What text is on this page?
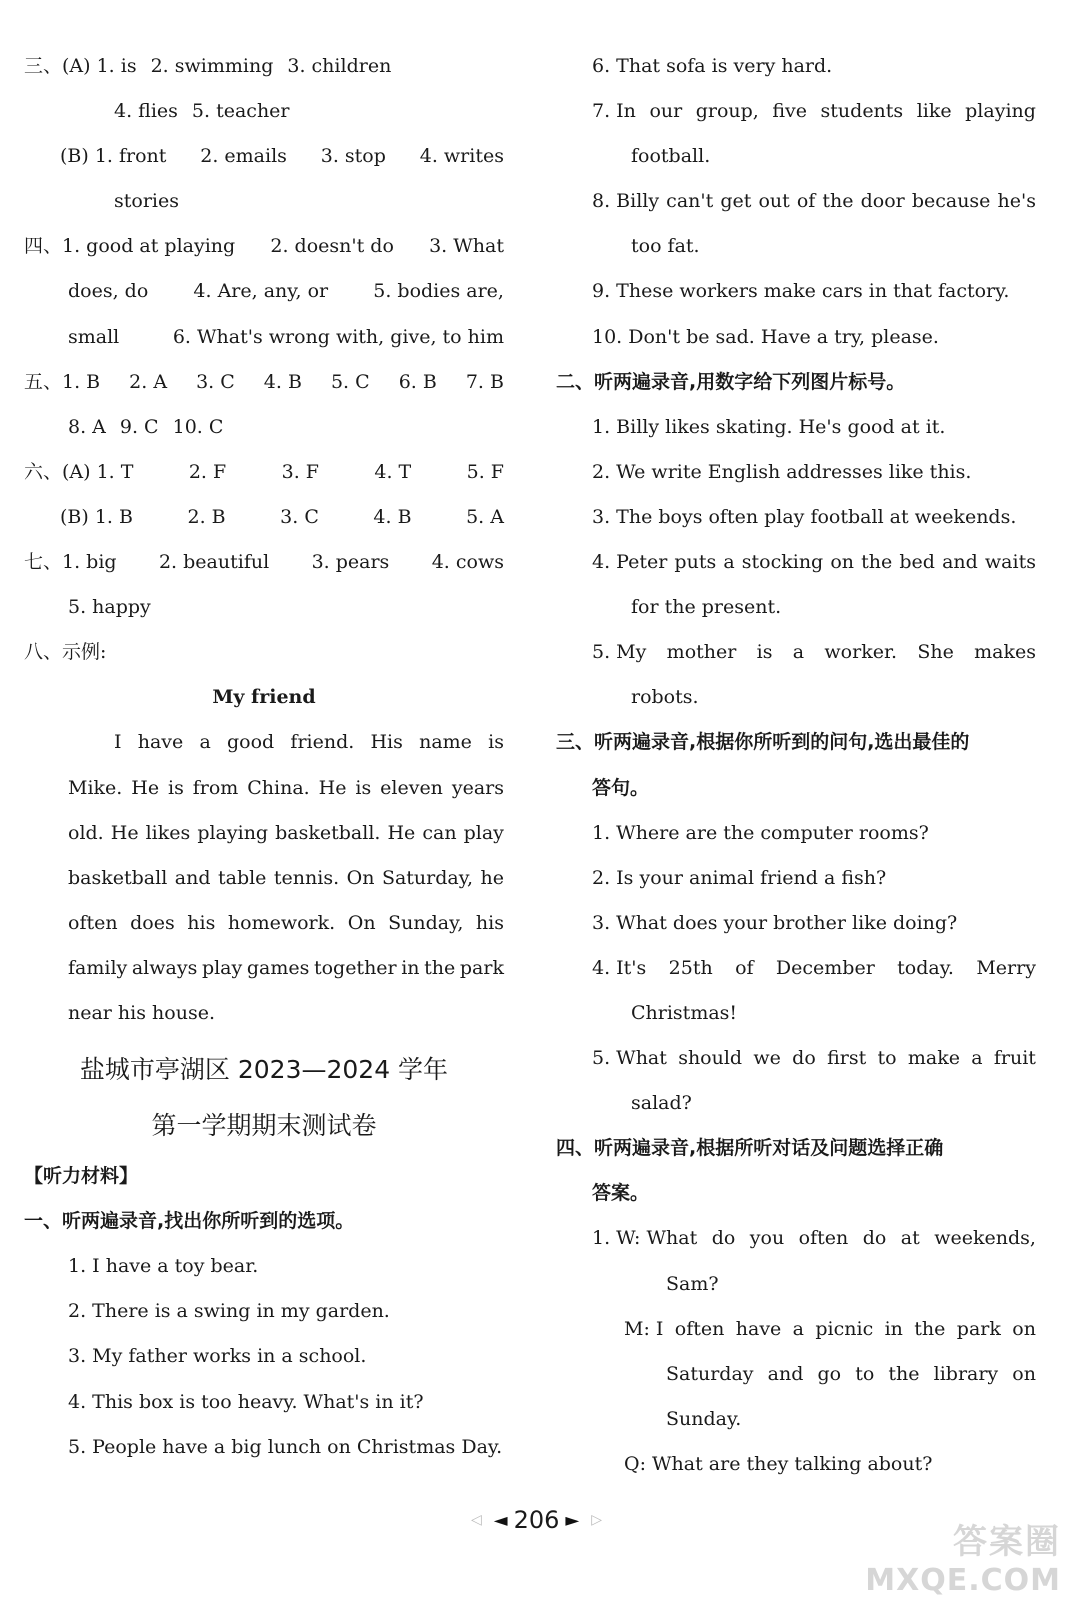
三、(A) 1. is 2. swimming 3. children
4. flies 5. teacher
(B) 1. front 2. emails 3. stop 4. writes
stories
四、1. good at playing 2. doesn't do 3. What
does, do 4. Are, any, or 5. bodies are,
small	6. What's wrong with, give, to him
五、1. B 2. A 3. C 4. B 5. C 6. B 7. B
8. A 9. C 10. C
六、(A) 1. T	2. F	3. F	4. T	5. F
(B) 1. B	2. B	3. C	4. B	5. A
七、1. big 2. beautiful 3. pears 4. cows
5. happy
八、示例:
My friend
I have a good friend. His name is
Mike. He is from China. He is eleven years
old. He likes playing basketball. He can play
basketball and table tennis. On Saturday, he
often does his homework. On Sunday, his
family always play games together in the park
near his house.
盐城市亭湖区 2023—2024 学年
第一学期期末测试卷
【听力材料】
一、听两遍录音,找出你所听到的选项。
1. I have a toy bear.
2. There is a swing in my garden.
3. My father works in a school.
4. This box is too heavy. What's in it?
5. People have a big lunch on Christmas Day.
6. That sofa is very hard.
7. In our group, five students like playing
football.
8. Billy can't get out of the door because he's
too fat.
9. These workers make cars in that factory.
10. Don't be sad. Have a try, please.
二、听两遍录音,用数字给下列图片标号。
1. Billy likes skating. He's good at it.
2. We write English addresses like this.
3. The boys often play football at weekends.
4. Peter puts a stocking on the bed and waits
for the present.
5. My mother is a worker. She makes
robots.
三、听两遍录音,根据你所听到的问句,选出最佳的
答句。
1. Where are the computer rooms?
2. Is your animal friend a fish?
3. What does your brother like doing?
4. It's 25th of December today. Merry
Christmas!
5. What should we do first to make a fruit
salad?
四、听两遍录音,根据所听对话及问题选择正确
答案。
1. W: What do you often do at weekends,
Sam?
M: I often have a picnic in the park on
Saturday and go to the library on
Sunday.
Q: What are they talking about?
◁ ◄ 206 ► ▷
答案圈
MXQE.COM
